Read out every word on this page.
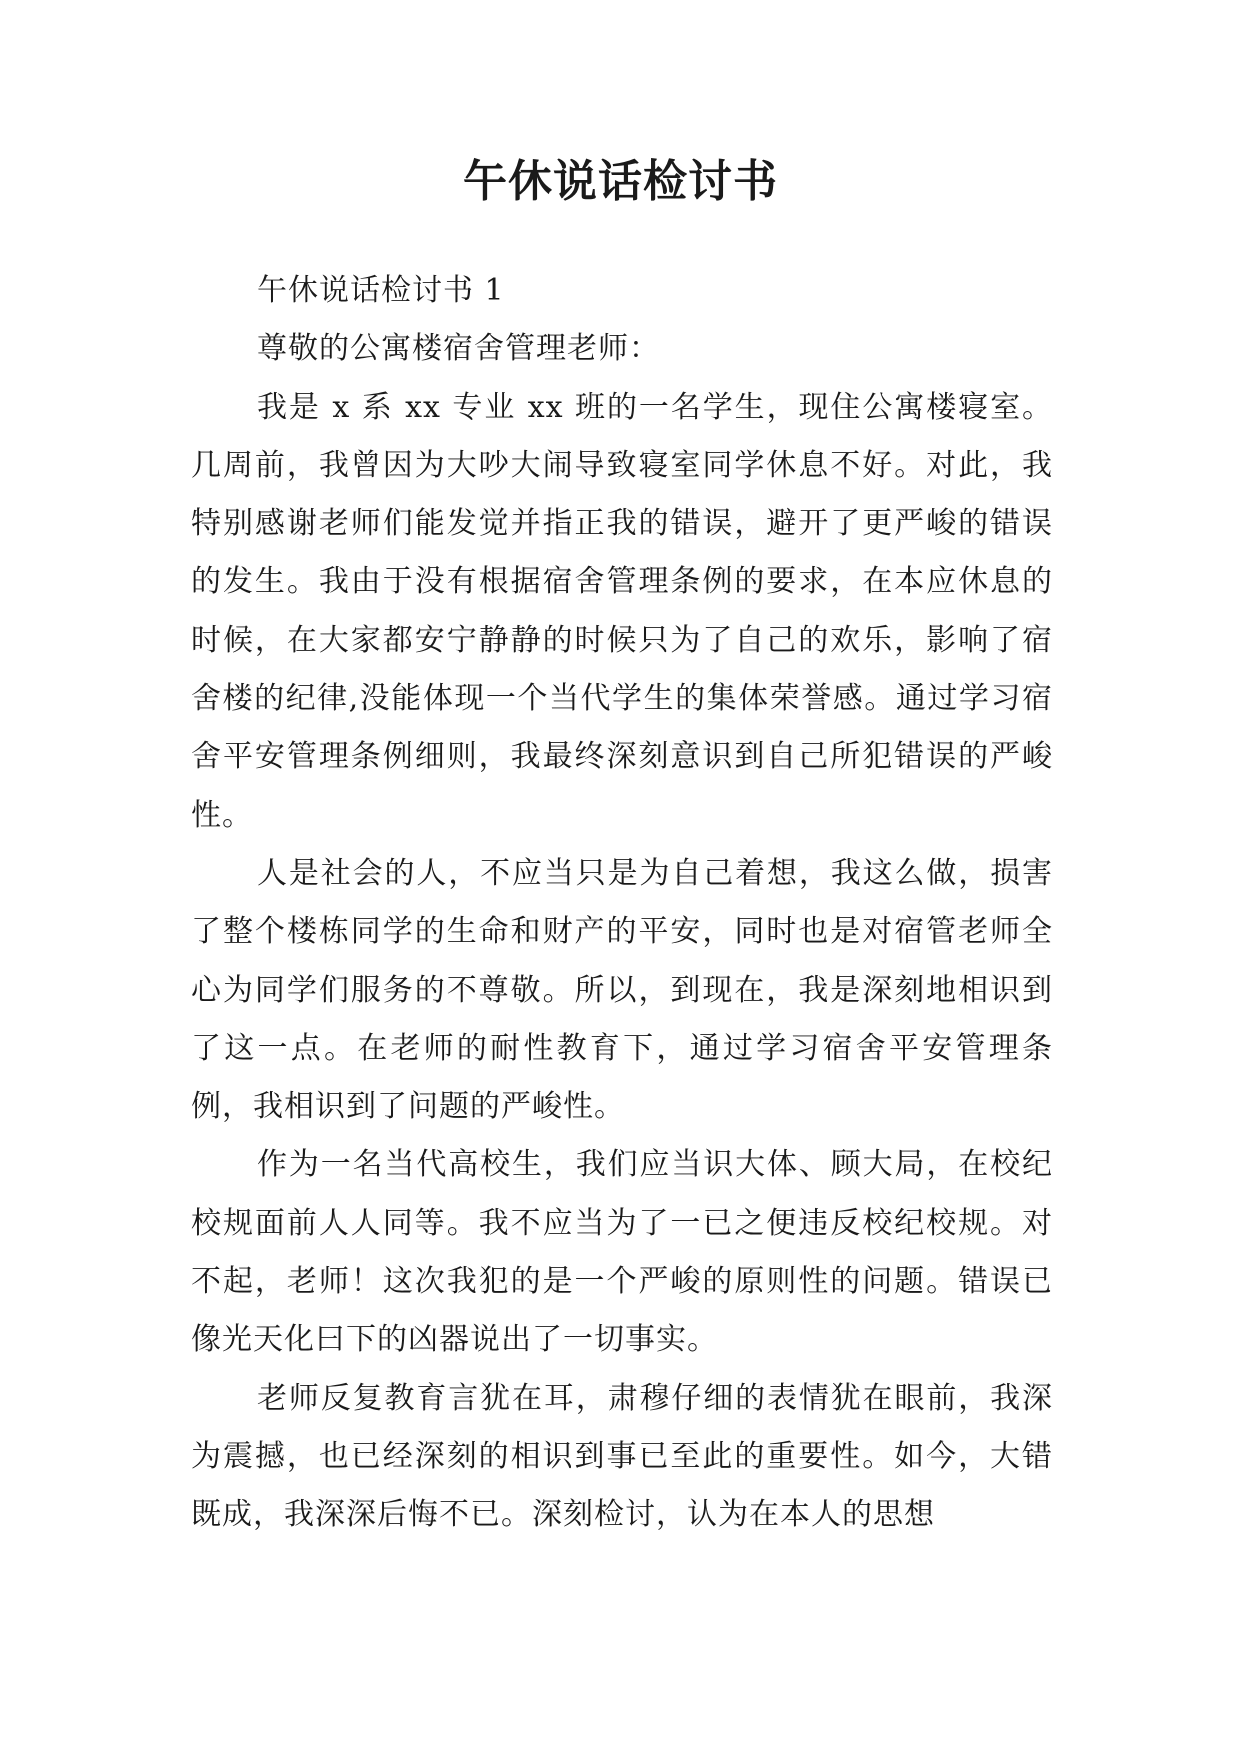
午休说话检讨书

午休说话检讨书 1

尊敬的公寓楼宿舍管理老师：

我是 x 系 xx 专业 xx 班的一名学生，现住公寓楼寝室。几周前，我曾因为大吵大闹导致寝室同学休息不好。对此，我特别感谢老师们能发觉并指正我的错误，避开了更严峻的错误的发生。我由于没有根据宿舍管理条例的要求，在本应休息的时候，在大家都安宁静静的时候只为了自己的欢乐，影响了宿舍楼的纪律,没能体现一个当代学生的集体荣誉感。通过学习宿舍平安管理条例细则，我最终深刻意识到自己所犯错误的严峻性。

人是社会的人，不应当只是为自己着想，我这么做，损害了整个楼栋同学的生命和财产的平安，同时也是对宿管老师全心为同学们服务的不尊敬。所以，到现在，我是深刻地相识到了这一点。在老师的耐性教育下，通过学习宿舍平安管理条例，我相识到了问题的严峻性。

作为一名当代高校生，我们应当识大体、顾大局，在校纪校规面前人人同等。我不应当为了一已之便违反校纪校规。对不起，老师！这次我犯的是一个严峻的原则性的问题。错误已像光天化曰下的凶器说出了一切事实。

老师反复教育言犹在耳，肃穆仔细的表情犹在眼前，我深为震撼，也已经深刻的相识到事已至此的重要性。如今，大错既成，我深深后悔不已。深刻检讨，认为在本人的思想
